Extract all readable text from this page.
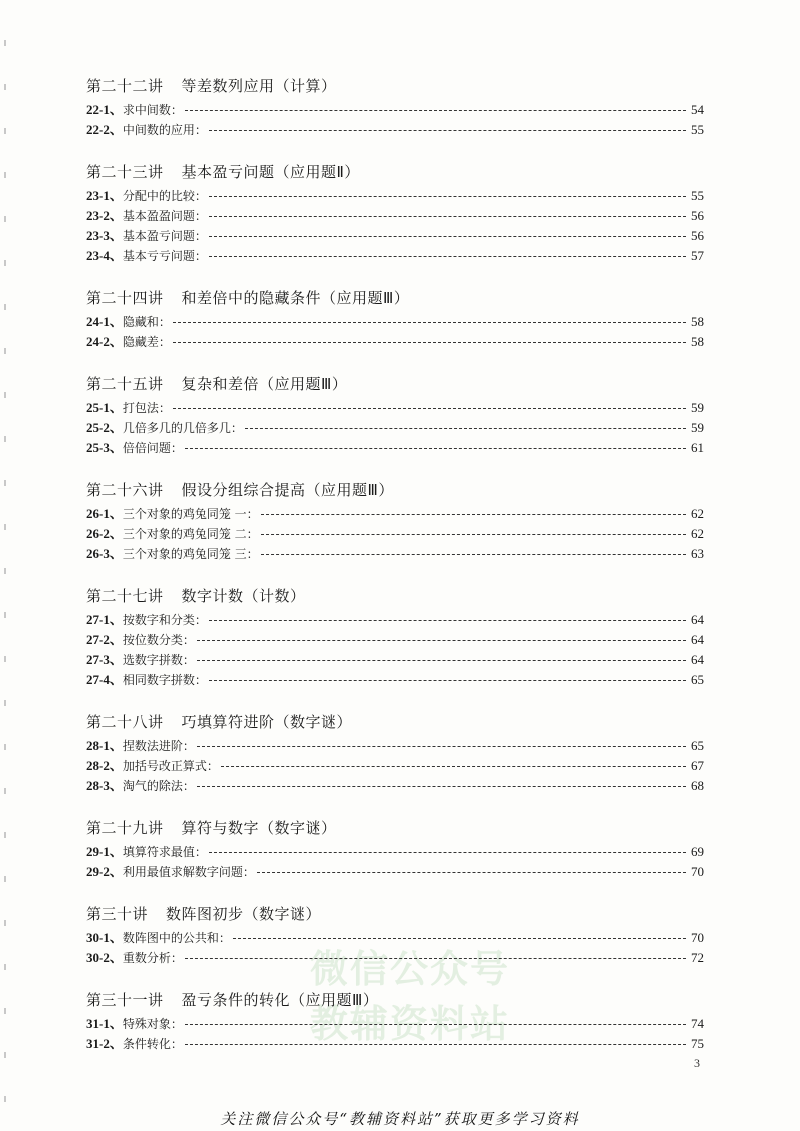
微信公众号
教辅资料站
第二十二讲 等差数列应用（计算）
22-1、 求中间数：	54
22-2、 中间数的应用：	55
第二十三讲 基本盈亏问题（应用题Ⅱ）
23-1、 分配中的比较：	55
23-2、 基本盈盈问题：	56
23-3、 基本盈亏问题：	56
23-4、 基本亏亏问题：	57
第二十四讲 和差倍中的隐藏条件（应用题Ⅲ）
24-1、 隐藏和：	58
24-2、 隐藏差：	58
第二十五讲 复杂和差倍（应用题Ⅲ）
25-1、 打包法：	59
25-2、 几倍多几的几倍多几：	59
25-3、 倍倍问题：	61
第二十六讲 假设分组综合提高（应用题Ⅲ）
26-1、 三个对象的鸡兔同笼 一：	62
26-2、 三个对象的鸡兔同笼 二：	62
26-3、 三个对象的鸡兔同笼 三：	63
第二十七讲 数字计数（计数）
27-1、 按数字和分类：	64
27-2、 按位数分类：	64
27-3、 选数字拼数：	64
27-4、 相同数字拼数：	65
第二十八讲 巧填算符进阶（数字谜）
28-1、 捏数法进阶：	65
28-2、 加括号改正算式：	67
28-3、 淘气的除法：	68
第二十九讲 算符与数字（数字谜）
29-1、 填算符求最值：	69
29-2、 利用最值求解数字问题：	70
第三十讲 数阵图初步（数字谜）
30-1、 数阵图中的公共和：	70
30-2、 重数分析：	72
第三十一讲 盈亏条件的转化（应用题Ⅲ）
31-1、 特殊对象：	74
31-2、 条件转化：	75
3
关注微信公众号“教辅资料站”获取更多学习资料
